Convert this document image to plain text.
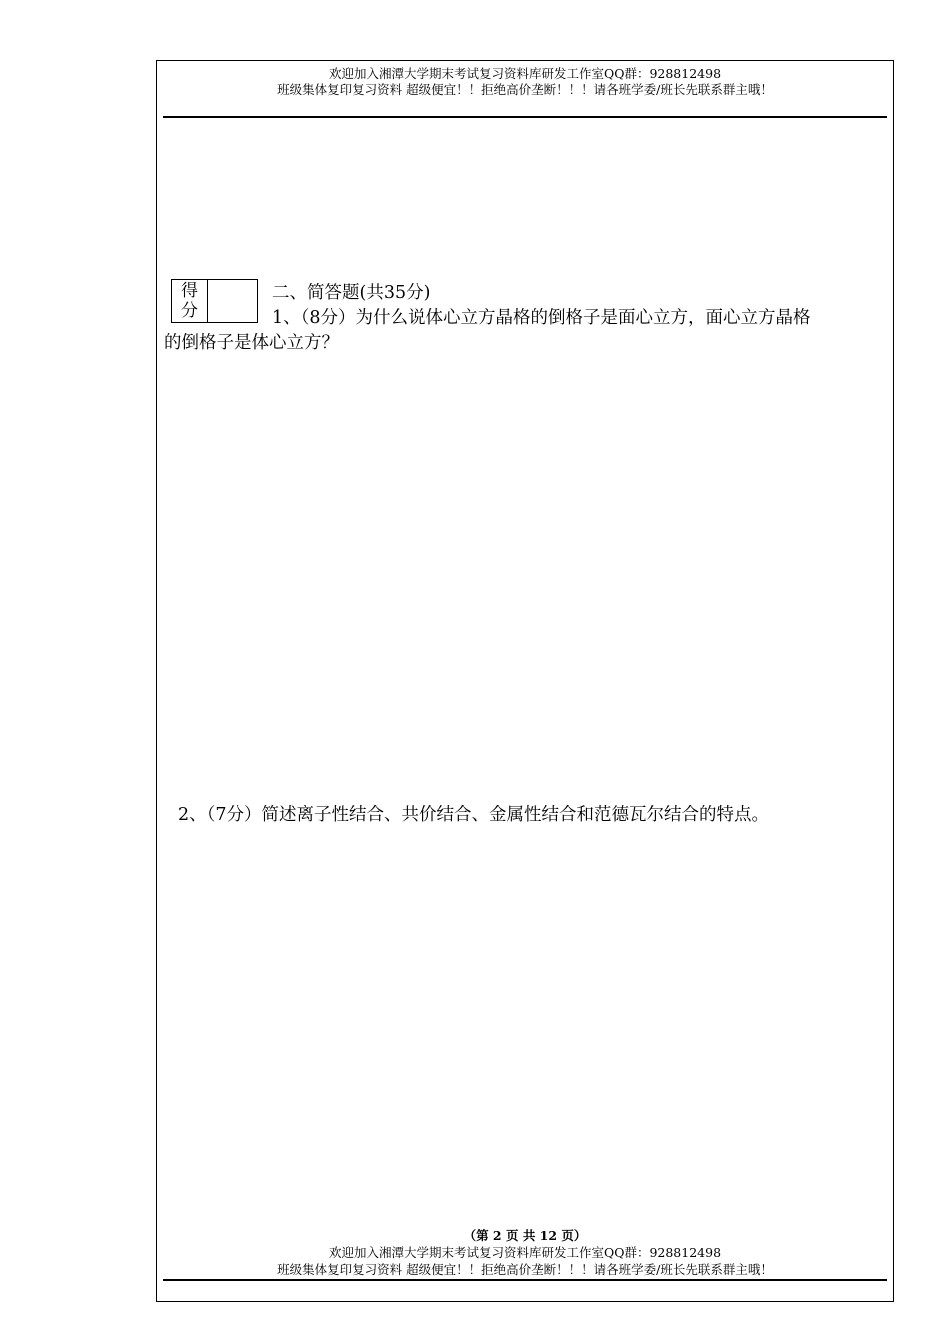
欢迎加入湘潭大学期末考试复习资料库研发工作室QQ群：928812498
班级集体复印复习资料 超级便宜！！拒绝高价垄断！！！请各班学委/班长先联系群主哦！
得
分
二、简答题(共35分)
1、（8分）为什么说体心立方晶格的倒格子是面心立方，面心立方晶格
的倒格子是体心立方？
2、（7分）简述离子性结合、共价结合、金属性结合和范德瓦尔结合的特点。
（第 2 页 共 12 页）
欢迎加入湘潭大学期末考试复习资料库研发工作室QQ群：928812498
班级集体复印复习资料 超级便宜！！拒绝高价垄断！！！请各班学委/班长先联系群主哦！
